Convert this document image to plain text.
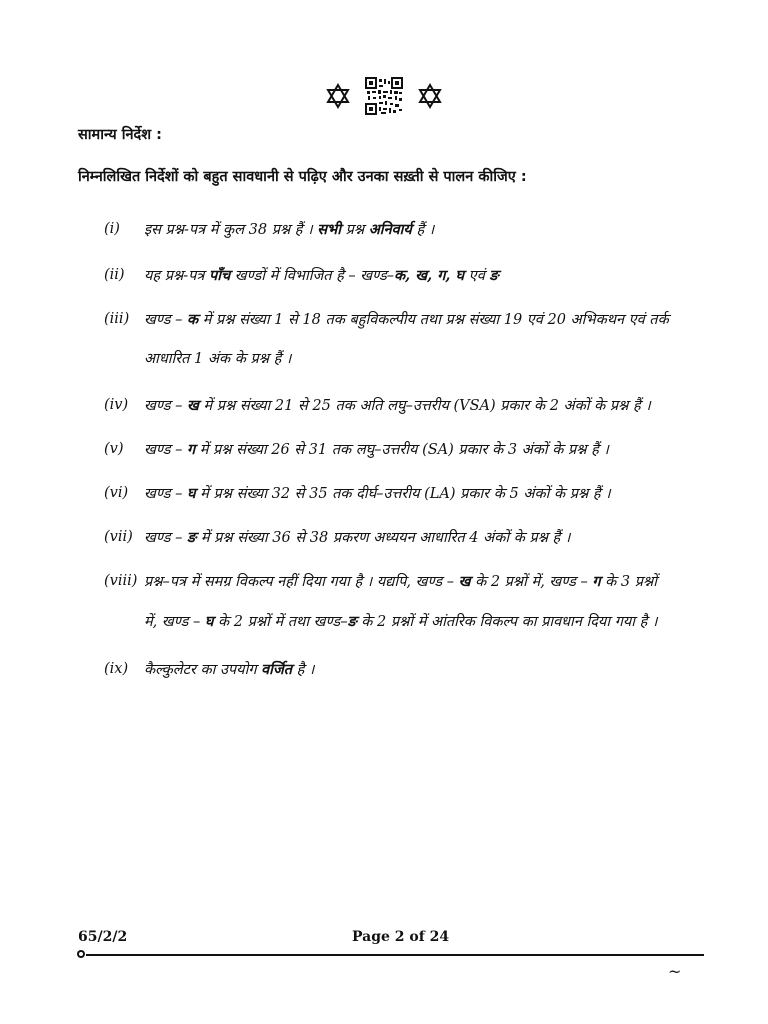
सामान्य निर्देश :
निम्नलिखित निर्देशों को बहुत सावधानी से पढ़िए और उनका सख़्ती से पालन कीजिए :
(i) इस प्रश्न-पत्र में कुल 38 प्रश्न हैं । सभी प्रश्न अनिवार्य हैं ।
(ii) यह प्रश्न-पत्र पाँच खण्डों में विभाजित है – खण्ड–क, ख, ग, घ एवं ङ
(iii) खण्ड – क में प्रश्न संख्या 1 से 18 तक बहुविकल्पीय तथा प्रश्न संख्या 19 एवं 20 अभिकथन एवं तर्क
आधारित 1 अंक के प्रश्न हैं ।
(iv) खण्ड – ख में प्रश्न संख्या 21 से 25 तक अति लघु–उत्तरीय (VSA) प्रकार के 2 अंकों के प्रश्न हैं ।
(v) खण्ड – ग में प्रश्न संख्या 26 से 31 तक लघु–उत्तरीय (SA) प्रकार के 3 अंकों के प्रश्न हैं ।
(vi) खण्ड – घ में प्रश्न संख्या 32 से 35 तक दीर्घ–उत्तरीय (LA) प्रकार के 5 अंकों के प्रश्न हैं ।
(vii) खण्ड – ङ में प्रश्न संख्या 36 से 38 प्रकरण अध्ययन आधारित 4 अंकों के प्रश्न हैं ।
(viii) प्रश्न–पत्र में समग्र विकल्प नहीं दिया गया है । यद्यपि, खण्ड – ख के 2 प्रश्नों में, खण्ड – ग के 3 प्रश्नों
में, खण्ड – घ के 2 प्रश्नों में तथा खण्ड–ङ के 2 प्रश्नों में आंतरिक विकल्प का प्रावधान दिया गया है ।
(ix) कैल्कुलेटर का उपयोग वर्जित है ।
65/2/2	Page 2 of 24
~
